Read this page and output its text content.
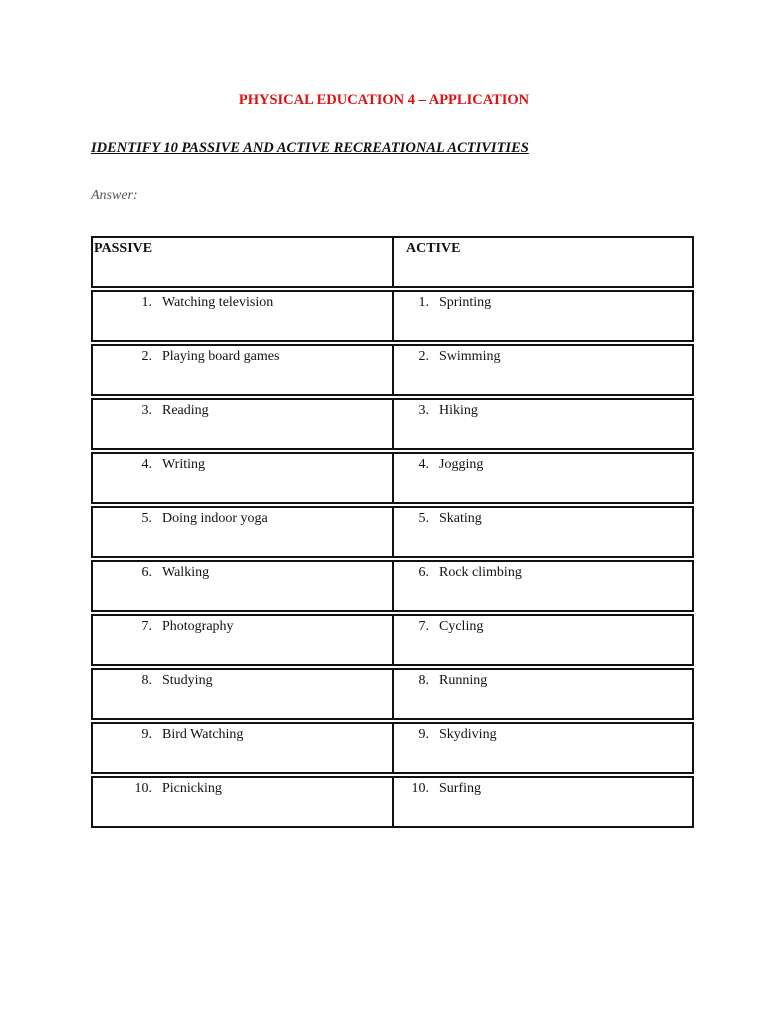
PHYSICAL EDUCATION 4 – APPLICATION
IDENTIFY 10 PASSIVE AND ACTIVE RECREATIONAL ACTIVITIES
Answer:
PASSIVE	ACTIVE
1. Watching television	1. Sprinting
2. Playing board games	2. Swimming
3. Reading	3. Hiking
4. Writing	4. Jogging
5. Doing indoor yoga	5. Skating
6. Walking	6. Rock climbing
7. Photography	7. Cycling
8. Studying	8. Running
9. Bird Watching	9. Skydiving
10. Picnicking	10. Surfing
